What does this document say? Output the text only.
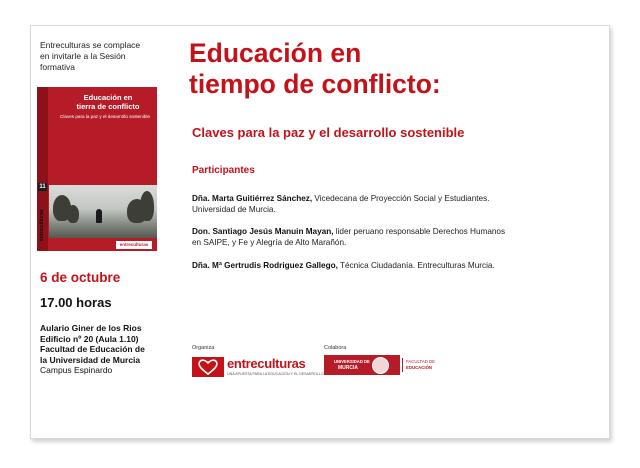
Entreculturas se complace
en invitarle a la Sesión
formativa
11
entreculturas
Educación en
tierra de conflicto
Claves para la paz y el desarrollo sostenible
entreculturas
6 de octubre
17.00 horas
Aulario Giner de los Rios
Edificio nº 20 (Aula 1.10)
Facultad de Educación de
la Universidad de Murcia
Campus Espinardo
Educación en
tiempo de conflicto:
Claves para la paz y el desarrollo sostenible
Participantes
Dña. Marta Guitiérrez Sánchez, Vicedecana de Proyección Social y Estudiantes.
Universidad de Murcia.
Don. Santiago Jesús Manuin Mayan, lider peruano responsable Derechos Humanos
en SAIPE, y Fe y Alegría de Alto Marañón.
Dña. Mª Gertrudis Rodriguez Gallego, Técnica Ciudadanía. Entreculturas Murcia.
Organiza	Colabora
entreculturas
UNA APUESTA PARA LA EDUCACIÓN Y EL DESARROLLO
UNIVERSIDAD DE
MURCIA
FACULTAD DE
EDUCACIÓN
